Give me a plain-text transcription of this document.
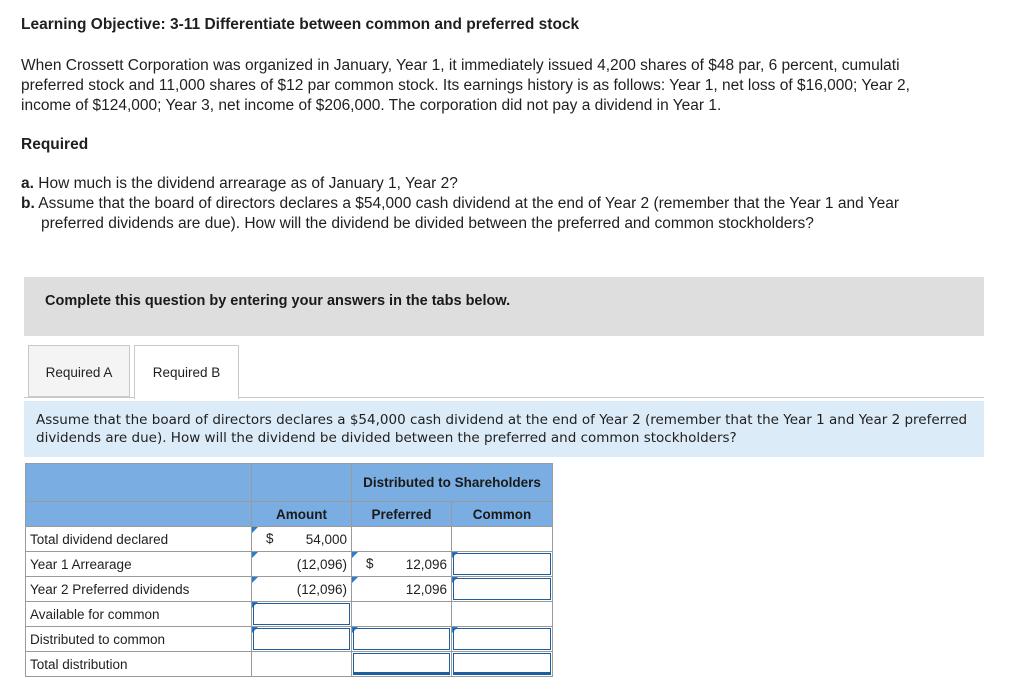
Learning Objective: 3-11 Differentiate between common and preferred stock
When Crossett Corporation was organized in January, Year 1, it immediately issued 4,200 shares of $48 par, 6 percent, cumulati
preferred stock and 11,000 shares of $12 par common stock. Its earnings history is as follows: Year 1, net loss of $16,000; Year 2,
income of $124,000; Year 3, net income of $206,000. The corporation did not pay a dividend in Year 1.
Required
a. How much is the dividend arrearage as of January 1, Year 2?
b. Assume that the board of directors declares a $54,000 cash dividend at the end of Year 2 (remember that the Year 1 and Year
preferred dividends are due). How will the dividend be divided between the preferred and common stockholders?
Complete this question by entering your answers in the tabs below.
Required A	Required B
Assume that the board of directors declares a $54,000 cash dividend at the end of Year 2 (remember that the Year 1 and Year 2 preferred dividends are due). How will the dividend be divided between the preferred and common stockholders?
		Distributed to Shareholders	
	Amount	Preferred	Common
Total dividend declared	$ 54,000		
Year 1 Arrearage	(12,096)	$ 12,096	

Year 2 Preferred dividends	(12,096)	12,096	

Available for common	

Distributed to common	

Total distribution		
